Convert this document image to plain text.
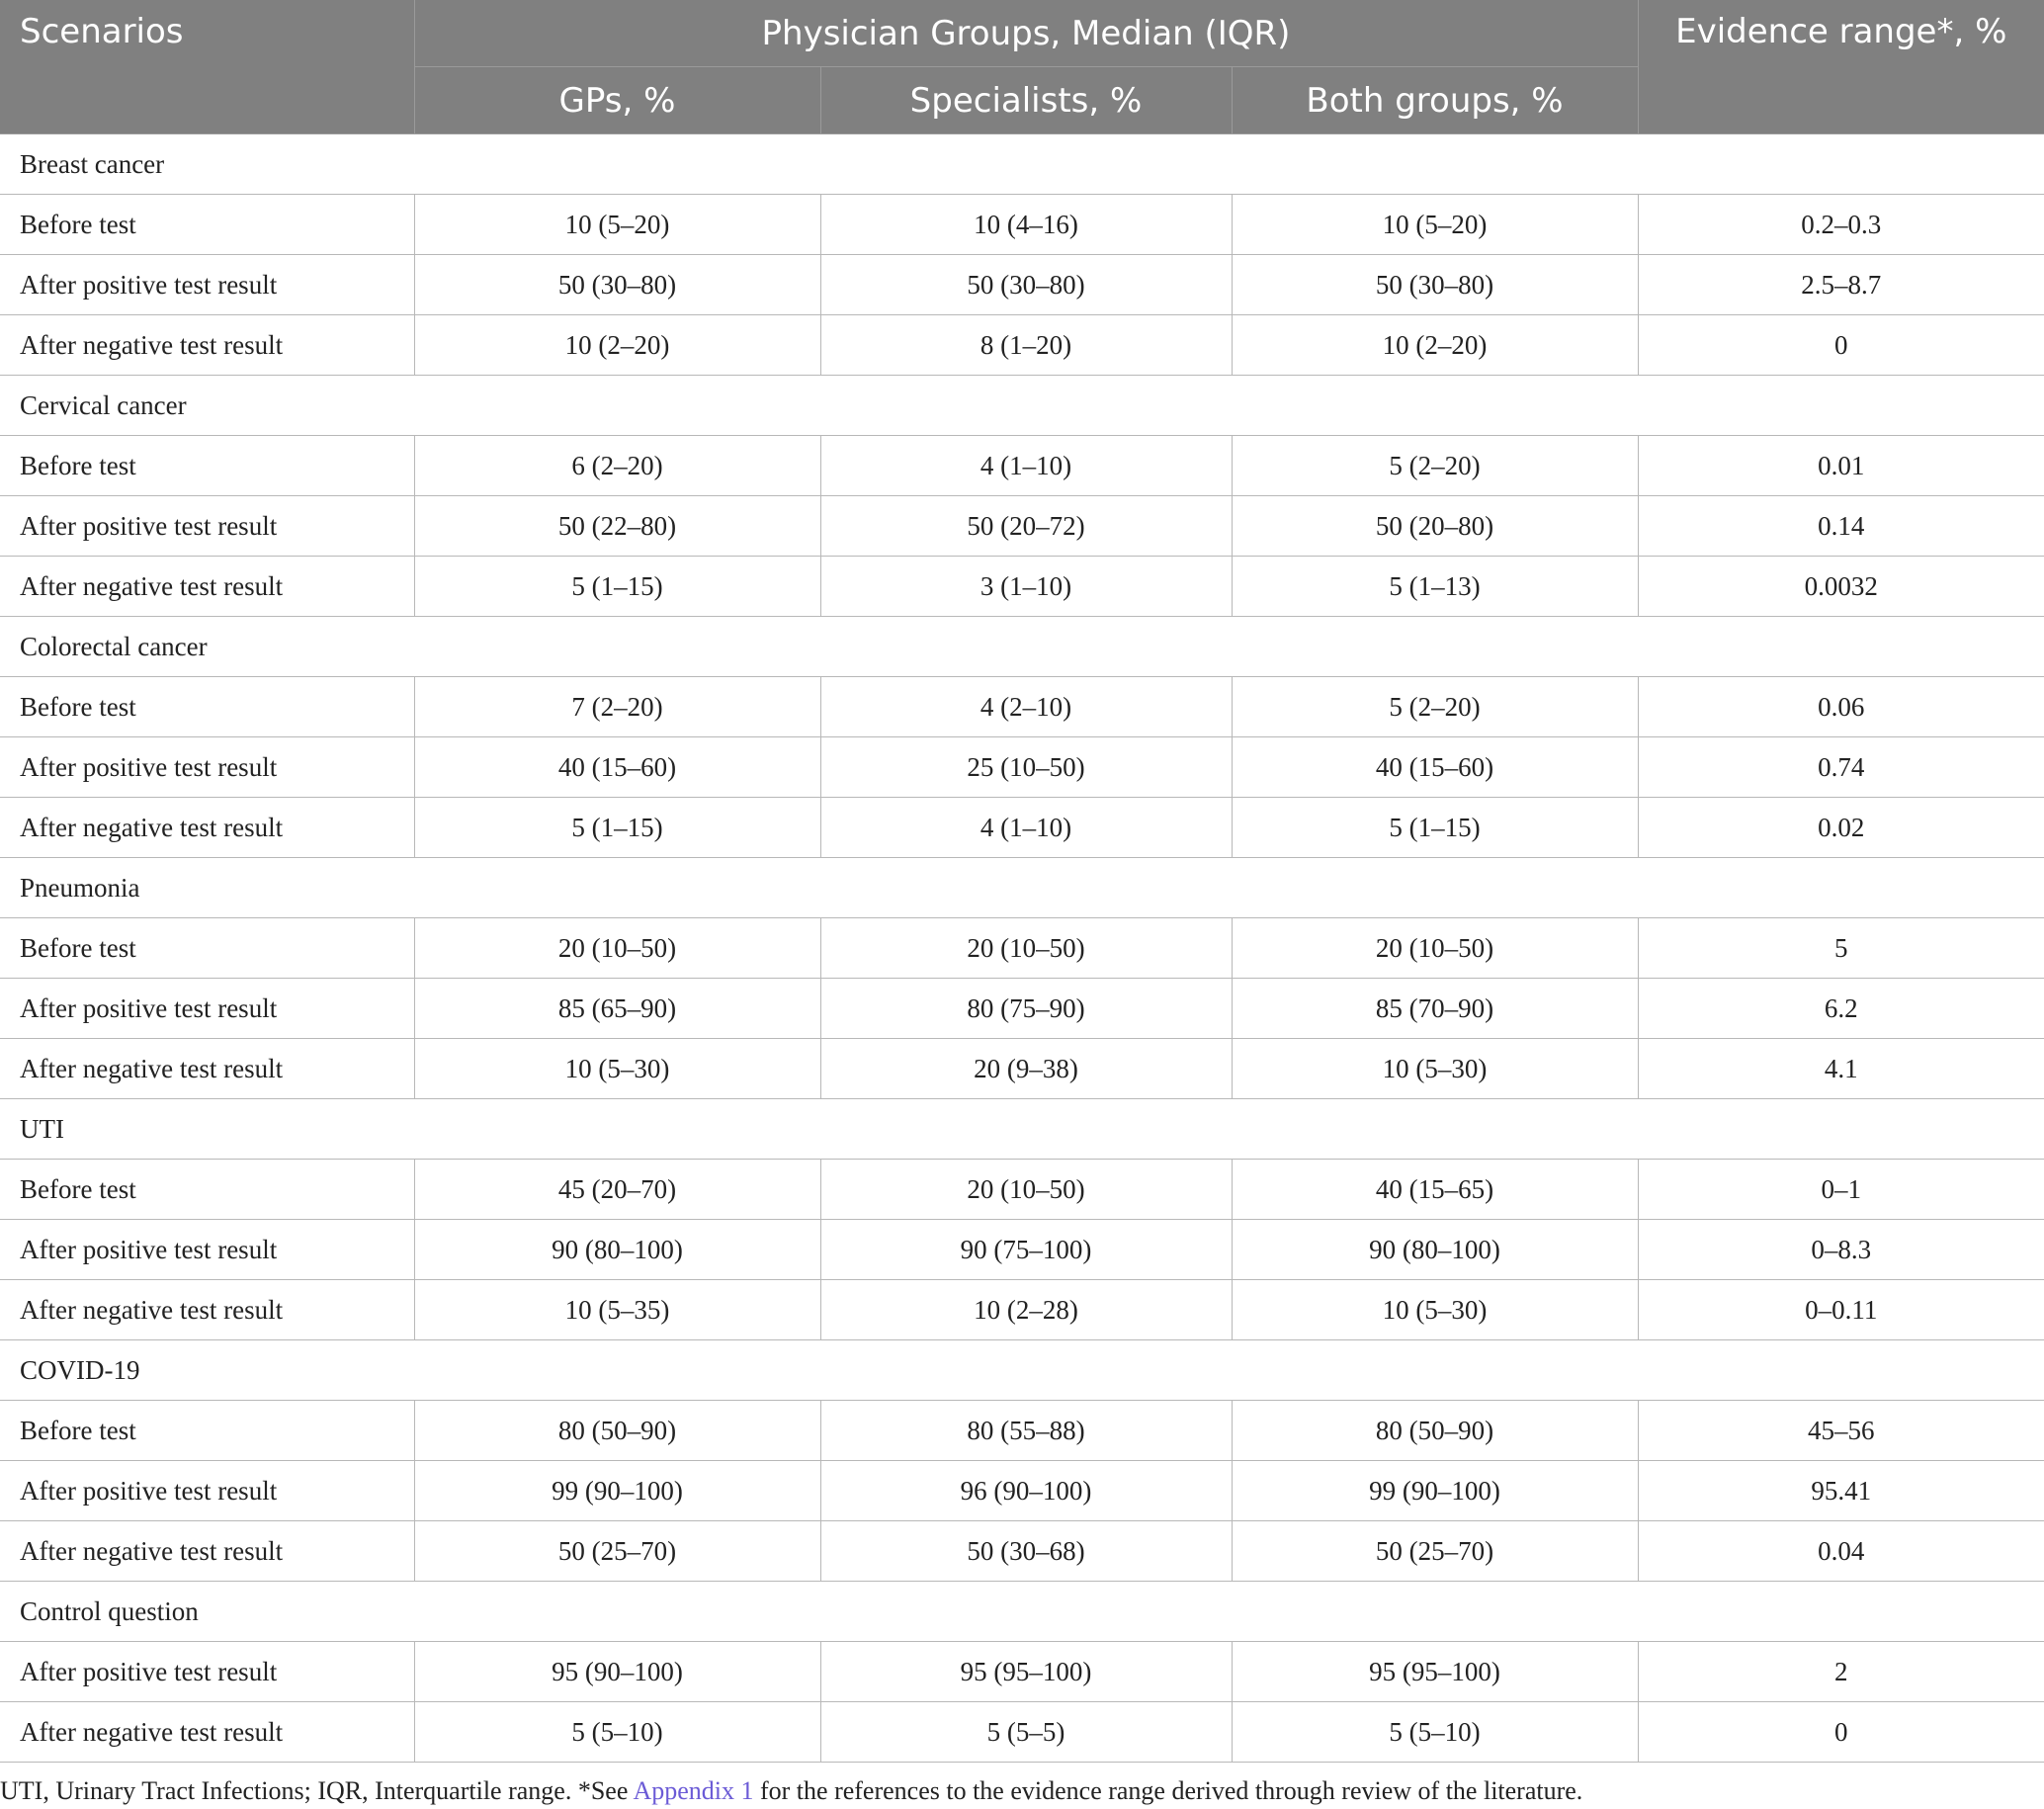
Scenarios	Physician Groups, Median (IQR)			Evidence range*, %
	GPs, %	Specialists, %	Both groups, %	
Breast cancer				
Before test	10 (5–20)	10 (4–16)	10 (5–20)	0.2–0.3
After positive test result	50 (30–80)	50 (30–80)	50 (30–80)	2.5–8.7
After negative test result	10 (2–20)	8 (1–20)	10 (2–20)	0
Cervical cancer				
Before test	6 (2–20)	4 (1–10)	5 (2–20)	0.01
After positive test result	50 (22–80)	50 (20–72)	50 (20–80)	0.14
After negative test result	5 (1–15)	3 (1–10)	5 (1–13)	0.0032
Colorectal cancer				
Before test	7 (2–20)	4 (2–10)	5 (2–20)	0.06
After positive test result	40 (15–60)	25 (10–50)	40 (15–60)	0.74
After negative test result	5 (1–15)	4 (1–10)	5 (1–15)	0.02
Pneumonia				
Before test	20 (10–50)	20 (10–50)	20 (10–50)	5
After positive test result	85 (65–90)	80 (75–90)	85 (70–90)	6.2
After negative test result	10 (5–30)	20 (9–38)	10 (5–30)	4.1
UTI				
Before test	45 (20–70)	20 (10–50)	40 (15–65)	0–1
After positive test result	90 (80–100)	90 (75–100)	90 (80–100)	0–8.3
After negative test result	10 (5–35)	10 (2–28)	10 (5–30)	0–0.11
COVID-19				
Before test	80 (50–90)	80 (55–88)	80 (50–90)	45–56
After positive test result	99 (90–100)	96 (90–100)	99 (90–100)	95.41
After negative test result	50 (25–70)	50 (30–68)	50 (25–70)	0.04
Control question				
After positive test result	95 (90–100)	95 (95–100)	95 (95–100)	2
After negative test result	5 (5–10)	5 (5–5)	5 (5–10)	0
UTI, Urinary Tract Infections; IQR, Interquartile range. *See Appendix 1 for the references to the evidence range derived through review of the literature.
